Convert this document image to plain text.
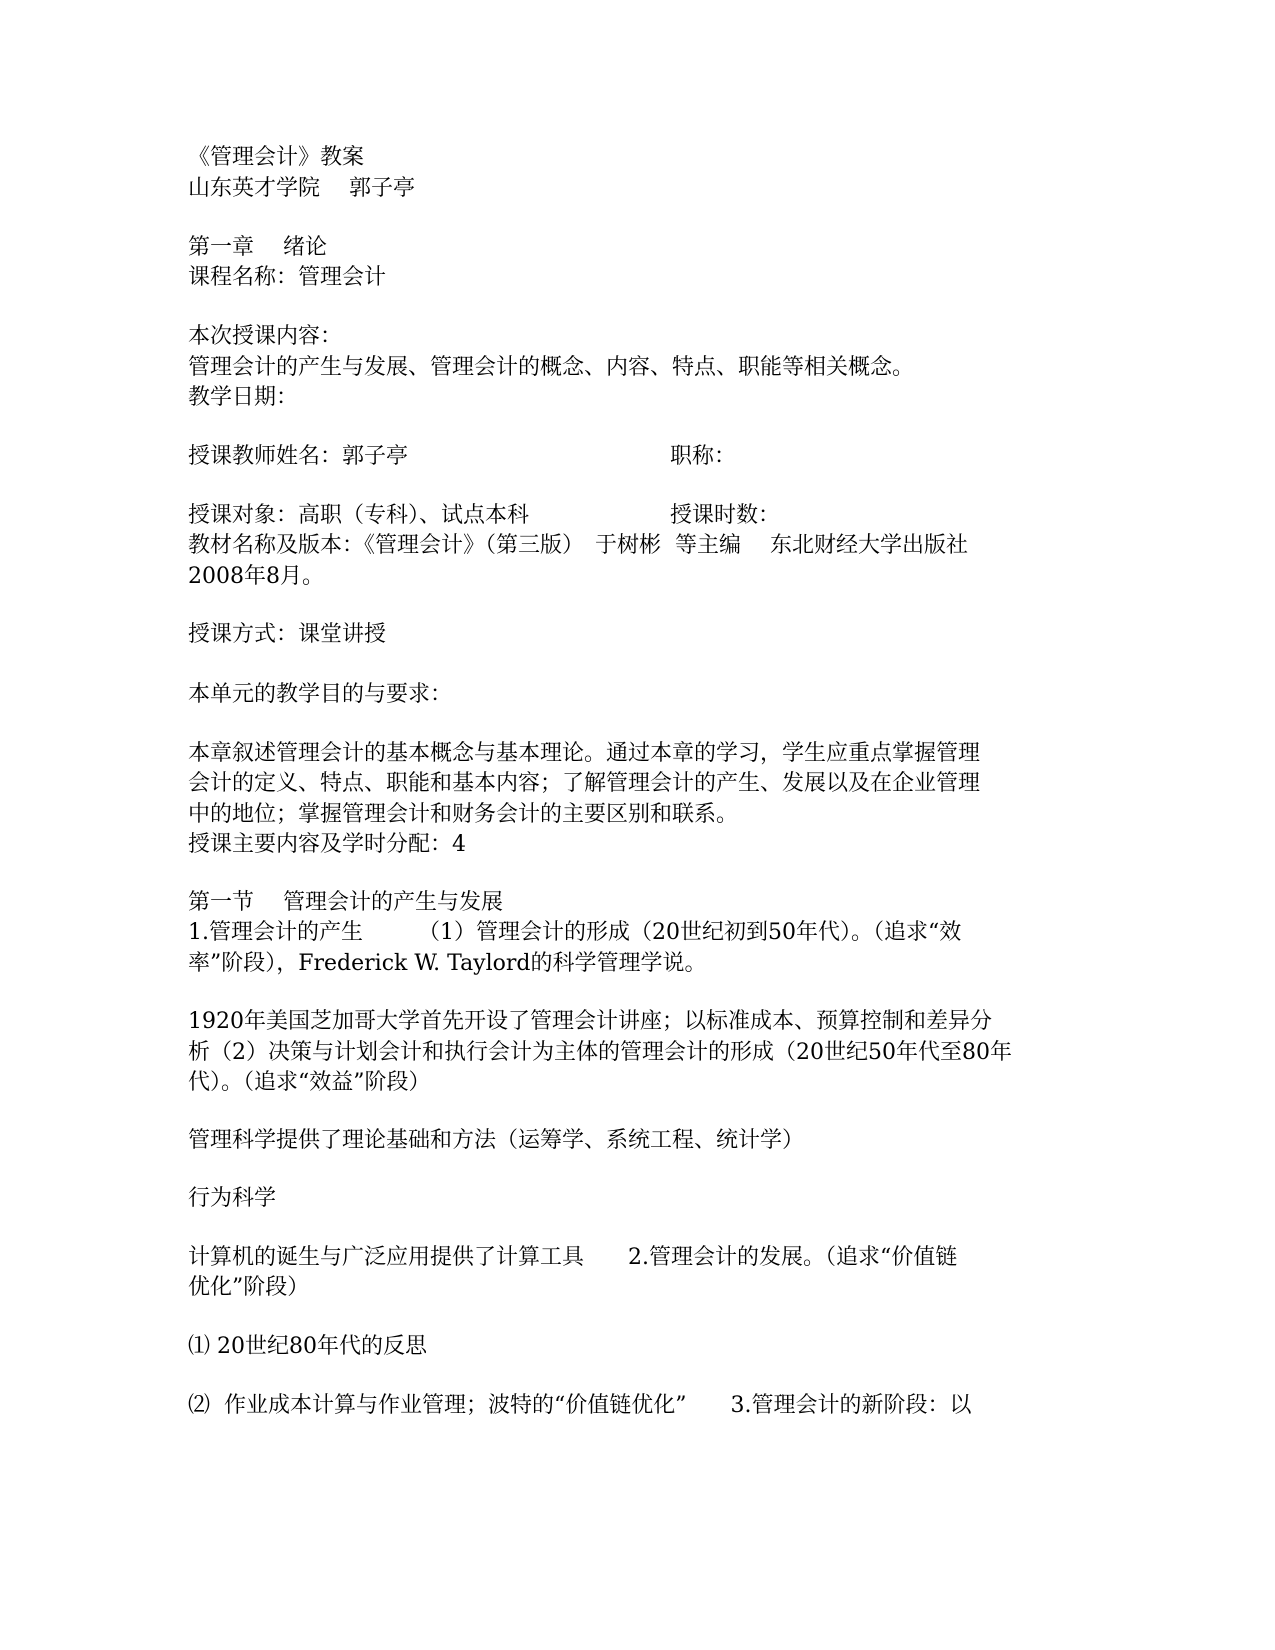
《管理会计》教案
山东英才学院　 郭子亭
第一章　 绪论
课程名称：管理会计
本次授课内容：
管理会计的产生与发展、管理会计的概念、内容、特点、职能等相关概念。
教学日期：
授课教师姓名：郭子亭	职称：
授课对象：高职（专科）、试点本科	授课时数：
教材名称及版本：《管理会计》（第三版）　于树彬  等主编　 东北财经大学出版社
2008年8月。
授课方式：课堂讲授
本单元的教学目的与要求：
本章叙述管理会计的基本概念与基本理论。通过本章的学习，学生应重点掌握管理
会计的定义、特点、职能和基本内容；了解管理会计的产生、发展以及在企业管理
中的地位；掌握管理会计和财务会计的主要区别和联系。
授课主要内容及学时分配：4
第一节　 管理会计的产生与发展
1.管理会计的产生　　　（1）管理会计的形成（20世纪初到50年代）。（追求“效
率”阶段），Frederick W. Taylord的科学管理学说。
1920年美国芝加哥大学首先开设了管理会计讲座；以标准成本、预算控制和差异分
析（2）决策与计划会计和执行会计为主体的管理会计的形成（20世纪50年代至80年
代）。（追求“效益”阶段）
管理科学提供了理论基础和方法（运筹学、系统工程、统计学）
行为科学
计算机的诞生与广泛应用提供了计算工具　　2.管理会计的发展。（追求“价值链
优化”阶段）
⑴ 20世纪80年代的反思
⑵  作业成本计算与作业管理；波特的“价值链优化”　　3.管理会计的新阶段：以
